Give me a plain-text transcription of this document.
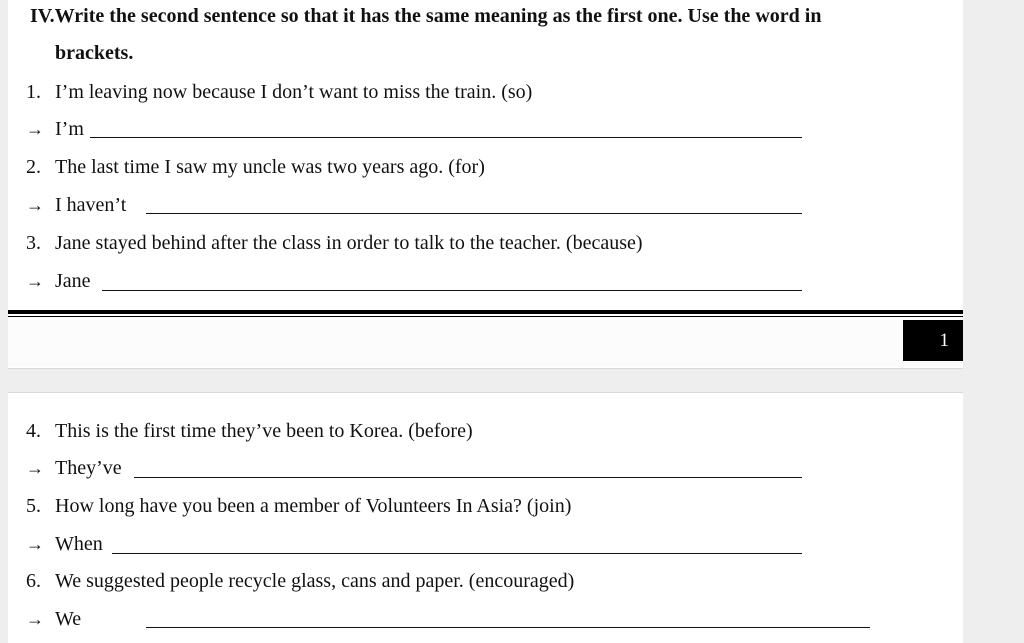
1
IV.Write the second sentence so that it has the same meaning as the first one. Use the word in
brackets.
1. I’m leaving now because I don’t want to miss the train. (so)
→ I’m
2. The last time I saw my uncle was two years ago. (for)
→ I haven’t
3. Jane stayed behind after the class in order to talk to the teacher. (because)
→ Jane
4. This is the first time they’ve been to Korea. (before)
→ They’ve
5. How long have you been a member of Volunteers In Asia? (join)
→ When
6. We suggested people recycle glass, cans and paper. (encouraged)
→ We
